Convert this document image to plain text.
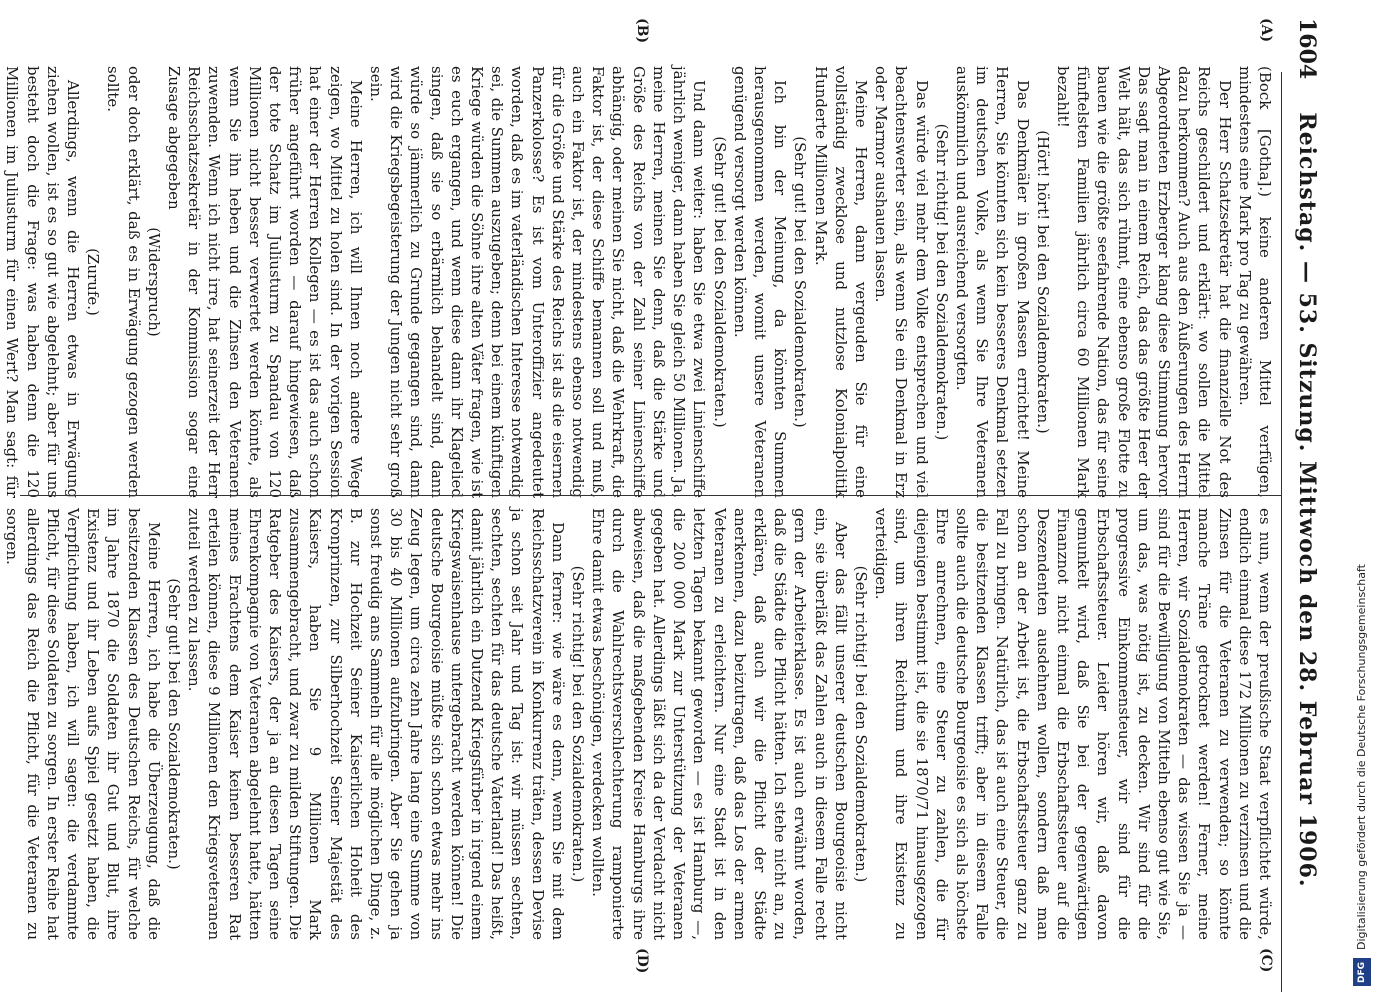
1604
Reichstag. — 53. Sitzung. Mittwoch den 28. Februar 1906.
(A)
(B)
(C)
(D)

(Bock [Gotha].) keine anderen Mittel verfügen, mindestens eine Mark pro Tag zu gewähren.

Der Herr Schatzsekretär hat die finanzielle Not des Reichs geschildert und erklärt: wo sollen die Mittel dazu herkommen? Auch aus den Äußerungen des Herrn Abgeordneten Erzberger klang diese Stimmung hervor. Das sagt man in einem Reich, das das größte Heer der Welt hält, das sich rühmt, eine ebenso große Flotte zu bauen wie die größte seefahrende Nation, das für seine fünftelsten Familien jährlich circa 60 Millionen Mark bezahlt!

(Hört! hört! bei den Sozialdemokraten.)

Das Denkmäler in großen Massen errichtet! Meine Herren, Sie könnten sich kein besseres Denkmal setzen im deutschen Volke, als wenn Sie Ihre Veteranen auskömmlich und ausreichend versorgten.

(Sehr richtig! bei den Sozialdemokraten.)

Das würde viel mehr dem Volke entsprechen und viel beachtenswerter sein, als wenn Sie ein Denkmal in Erz oder Marmor aushauen lassen.

Meine Herren, dann vergeuden Sie für eine vollständig zwecklose und nutzlose Kolonialpolitik Hunderte Millionen Mark.

(Sehr gut! bei den Sozialdemokraten.)

Ich bin der Meinung, da könnten Summen herausgenommen werden, womit unsere Veteranen genügend versorgt werden können.

(Sehr gut! bei den Sozialdemokraten.)

Und dann weiter: haben Sie etwa zwei Linienschiffe jährlich weniger, dann haben Sie gleich 50 Millionen. Ja, meine Herren, meinen Sie denn, daß die Stärke und Größe des Reichs von der Zahl seiner Linienschiffe abhängig, oder meinen Sie nicht, daß die Wehrkraft, die Faktor ist, der diese Schiffe bemannen soll und muß, auch ein Faktor ist, der mindestens ebenso notwendig für die Größe und Stärke des Reichs ist als die eisernen Panzerkolosse? Es ist vom Unteroffizier angedeutet worden, daß es im vaterländischen Interesse notwendig sei, die Summen auszugeben; denn bei einem künftigen Kriege würden die Söhne ihre alten Väter fragen, wie ist es euch ergangen, und wenn diese dann ihr Klagelied singen, daß sie so erbärmlich behandelt sind, dann würde so jämmerlich zu Grunde gegangen sind, dann wird die Kriegsbegeisterung der Jungen nicht sehr groß sein.

Meine Herren, ich will Ihnen noch andere Wege zeigen, wo Mittel zu holen sind. In der vorigen Session hat einer der Herren Kollegen — es ist das auch schon früher angeführt worden — darauf hingewiesen, daß der tote Schatz im Juliusturm zu Spandau von 120 Millionen nicht besser verwertet werden könnte, als wenn Sie ihn heben und die Zinsen den Veteranen zuwenden. Wenn ich nicht irre, hat seinerzeit der Herr Reichsschatzsekretär in der Kommission sogar eine Zusage abgegeben

(Widerspruch)

oder doch erklärt, daß es in Erwägung gezogen werden sollte.

(Zurufe.)

Allerdings, wenn die Herren etwas in Erwägung ziehen wollen, ist es so gut wie abgelehnt; aber für uns besteht doch die Frage: was haben denn die 120 Millionen im Juliusturm für einen Wert? Man sagt: für

es nun, wenn der preußische Staat verpflichtet würde, endlich einmal diese 172 Millionen zu verzinsen und die Zinsen für die Veteranen zu verwenden; so könnte manche Träne getrocknet werden! Ferner, meine Herren, wir Sozialdemokraten — das wissen Sie ja — sind für die Bewilligung von Mitteln ebenso gut wie Sie, um das, was nötig ist, zu decken. Wir sind für die progressive Einkommensteuer, wir sind für die Erbschaftssteuer. Leider hören wir, daß davon gemunkelt wird, daß Sie bei der gegenwärtigen Finanznot nicht einmal die Erbschaftssteuer auf die Deszendenten ausdehnen wollen, sondern daß man schon an der Arbeit ist, die Erbschaftssteuer ganz zu Fall zu bringen. Natürlich, das ist auch eine Steuer, die die besitzenden Klassen trifft; aber in diesem Falle sollte auch die deutsche Bourgeoisie es sich als höchste Ehre anrechnen, eine Steuer zu zahlen, die für diejenigen bestimmt ist, die sie 1870/71 hinausgezogen sind, um ihren Reichtum und ihre Existenz zu verteidigen.

(Sehr richtig! bei den Sozialdemokraten.)

Aber das fällt unserer deutschen Bourgeoisie nicht ein, sie überläßt das Zahlen auch in diesem Falle recht gern der Arbeiterklasse. Es ist auch erwähnt worden, daß die Städte die Pflicht hätten. Ich stehe nicht an, zu erklären, daß auch wir die Pflicht der Städte anerkennen, dazu beizutragen, daß das Los der armen Veteranen zu erleichtern. Nur eine Stadt ist in den letzten Tagen bekannt geworden — es ist Hamburg —, die 200 000 Mark zur Unterstützung der Veteranen gegeben hat. Allerdings läßt sich da der Verdacht nicht abweisen, daß die maßgebenden Kreise Hamburgs ihre durch die Wahlrechtsverschlechterung ramponierte Ehre damit etwas beschönigen, verdecken wollten.

(Sehr richtig! bei den Sozialdemokraten.)

Dann ferner: wie wäre es denn, wenn Sie mit dem Reichsschatzverein in Konkurrenz träten, dessen Devise ja schon seit Jahr und Tag ist: wir müssen sechten, sechten, sechten für das deutsche Vaterland! Das heißt, damit jährlich ein Dutzend Kriegsfürber in irgend einem Kriegswaisenhause untergebracht werden können! Die deutsche Bourgeoisie müßte sich schon etwas mehr ins Zeug legen, um circa zehn Jahre lang eine Summe von 30 bis 40 Millionen aufzubringen. Aber Sie gehen ja sonst freudig ans Sammeln für alle möglichen Dinge, z. B. zur Hochzeit Seiner Kaiserlichen Hoheit des Kronprinzen, zur Silberhochzeit Seiner Majestät des Kaisers, haben Sie 9 Millionen Mark zusammengebracht, und zwar zu milden Stiftungen. Die Ratgeber des Kaisers, der ja an diesen Tagen seine Ehrenkompagnie von Veteranen abgelehnt hatte, hätten meines Erachtens dem Kaiser keinen besseren Rat erteilen können, diese 9 Millionen den Kriegsveteranen zuteil werden zu lassen.

(Sehr gut! bei den Sozialdemokraten.)

Meine Herren, ich habe die Überzeugung, daß die besitzenden Klassen des Deutschen Reichs, für welche im Jahre 1870 die Soldaten ihr Gut und Blut, ihre Existenz und ihr Leben aufs Spiel gesetzt haben, die Verpflichtung haben, ich will sagen: die verdammte Pflicht, für diese Soldaten zu sorgen. In erster Reihe hat allerdings das Reich die Pflicht, für die Veteranen zu sorgen.

Digitalisierung gefördert durch die Deutsche Forschungsgemeinschaft
DFG
